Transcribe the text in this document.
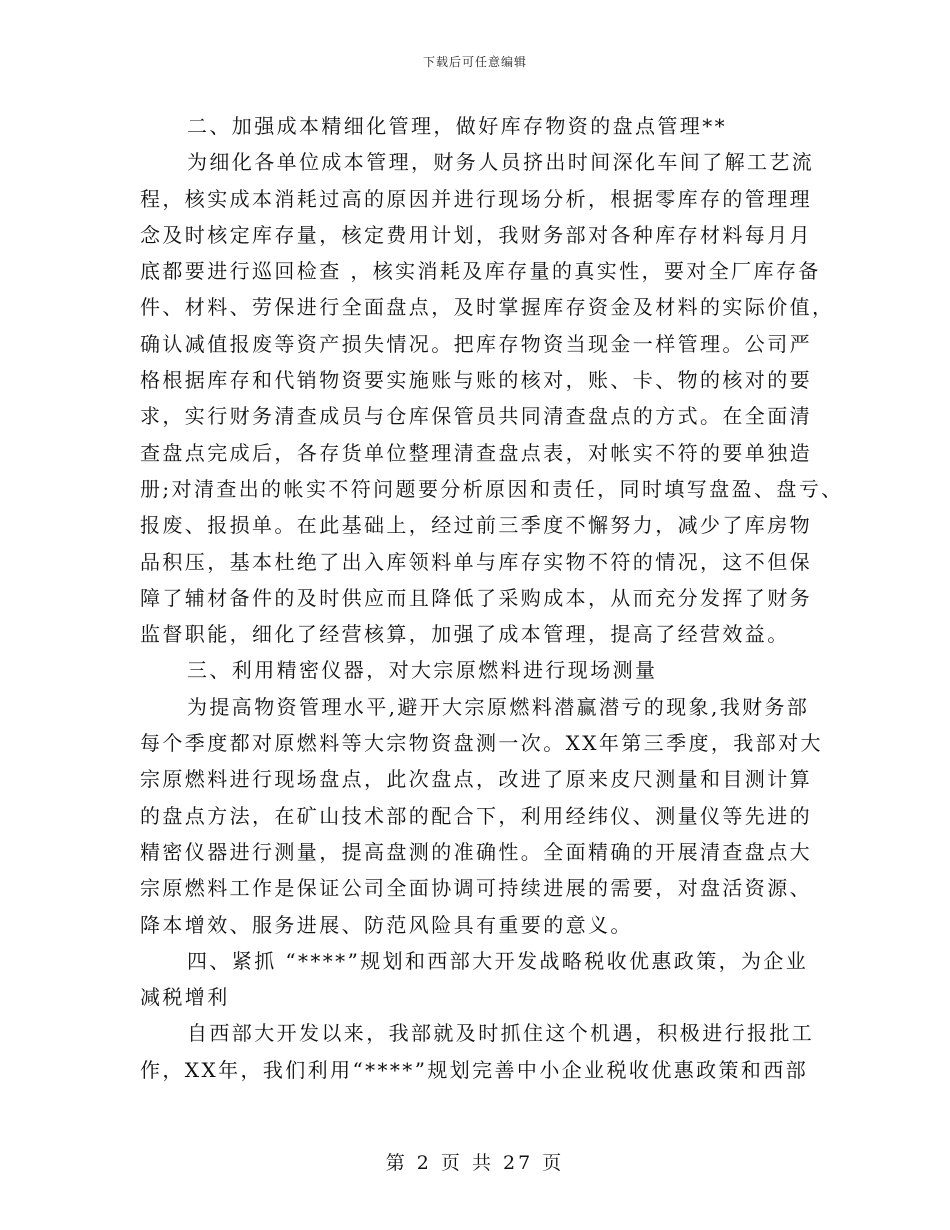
下载后可任意编辑
二、加强成本精细化管理，做好库存物资的盘点管理**
为细化各单位成本管理，财务人员挤出时间深化车间了解工艺流
程，核实成本消耗过高的原因并进行现场分析，根据零库存的管理理
念及时核定库存量，核定费用计划，我财务部对各种库存材料每月月
底都要进行巡回检查 ，核实消耗及库存量的真实性，要对全厂库存备
件、材料、劳保进行全面盘点，及时掌握库存资金及材料的实际价值，
确认减值报废等资产损失情况。把库存物资当现金一样管理。公司严
格根据库存和代销物资要实施账与账的核对，账、卡、物的核对的要
求，实行财务清查成员与仓库保管员共同清查盘点的方式。在全面清
查盘点完成后，各存货单位整理清查盘点表，对帐实不符的要单独造
册;对清查出的帐实不符问题要分析原因和责任，同时填写盘盈、盘亏、
报废、报损单。在此基础上，经过前三季度不懈努力，减少了库房物
品积压，基本杜绝了出入库领料单与库存实物不符的情况，这不但保
障了辅材备件的及时供应而且降低了采购成本，从而充分发挥了财务
监督职能，细化了经营核算，加强了成本管理，提高了经营效益。
三、利用精密仪器，对大宗原燃料进行现场测量
为提高物资管理水平,避开大宗原燃料潜赢潜亏的现象,我财务部
每个季度都对原燃料等大宗物资盘测一次。XX年第三季度，我部对大
宗原燃料进行现场盘点，此次盘点，改进了原来皮尺测量和目测计算
的盘点方法，在矿山技术部的配合下，利用经纬仪、测量仪等先进的
精密仪器进行测量，提高盘测的准确性。全面精确的开展清查盘点大
宗原燃料工作是保证公司全面协调可持续进展的需要，对盘活资源、
降本增效、服务进展、防范风险具有重要的意义。
四、紧抓 “****”规划和西部大开发战略税收优惠政策，为企业
减税增利
自西部大开发以来，我部就及时抓住这个机遇，积极进行报批工
作，XX年，我们利用“****”规划完善中小企业税收优惠政策和西部
第 2 页 共 27 页
